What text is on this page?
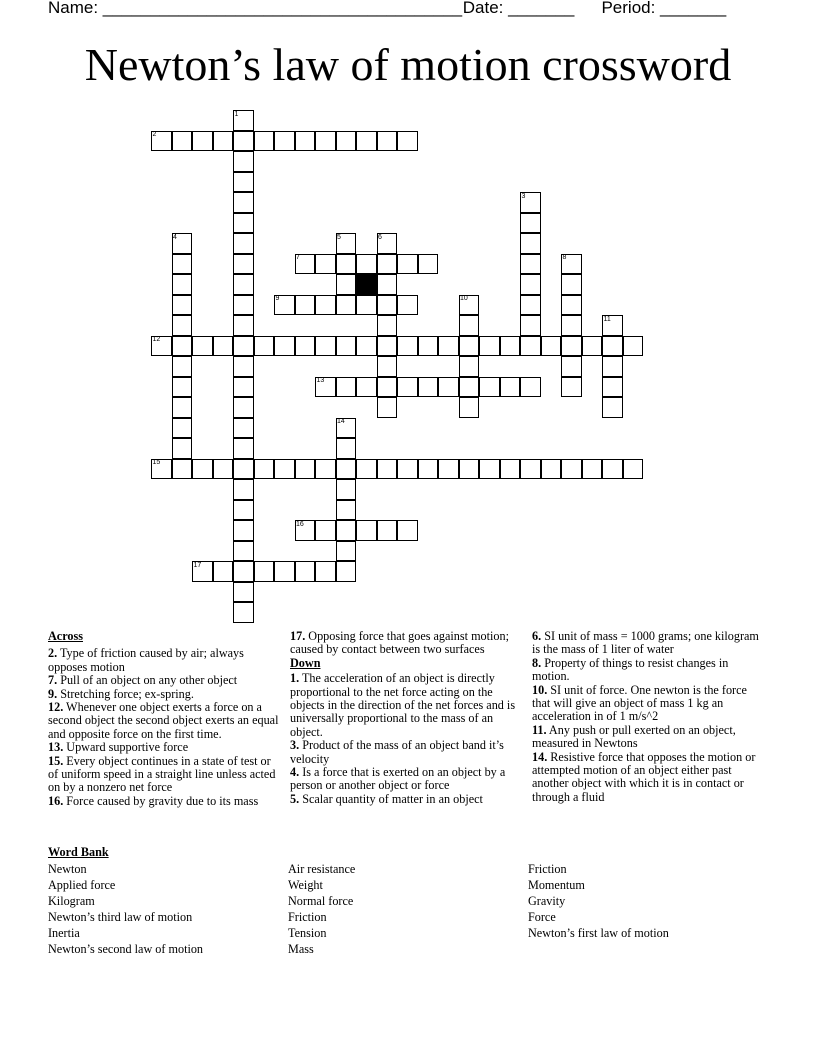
Name: ______________________________________ Date: _______ Period: _______
Newton’s law of motion crossword
1
2
3
4	5	6
7	8
9	10
11
12
13
14
15
16
17

Across

2. Type of friction caused by air; always opposes motion

7. Pull of an object on any other object

9. Stretching force; ex-spring.

12. Whenever one object exerts a force on a second object the second object exerts an equal and opposite force on the first time.

13. Upward supportive force

15. Every object continues in a state of test or of uniform speed in a straight line unless acted on by a nonzero net force

16. Force caused by gravity due to its mass

17. Opposing force that goes against motion; caused by contact between two surfaces

Down

1. The acceleration of an object is directly proportional to the net force acting on the objects in the direction of the net forces and is universally proportional to the mass of an object.

3. Product of the mass of an object band it’s velocity

4. Is a force that is exerted on an object by a person or another object or force

5. Scalar quantity of matter in an object

6. SI unit of mass = 1000 grams; one kilogram is the mass of 1 liter of water

8. Property of things to resist changes in motion.

10. SI unit of force. One newton is the force that will give an object of mass 1 kg an acceleration in of 1 m/s^2

11. Any push or pull exerted on an object, measured in Newtons

14. Resistive force that opposes the motion or attempted motion of an object either past another object with which it is in contact or through a fluid

Word Bank
Newton
Applied force
Kilogram
Newton’s third law of motion
Inertia
Newton’s second law of motion
Air resistance
Weight
Normal force
Friction
Tension
Mass
Friction
Momentum
Gravity
Force
Newton’s first law of motion
